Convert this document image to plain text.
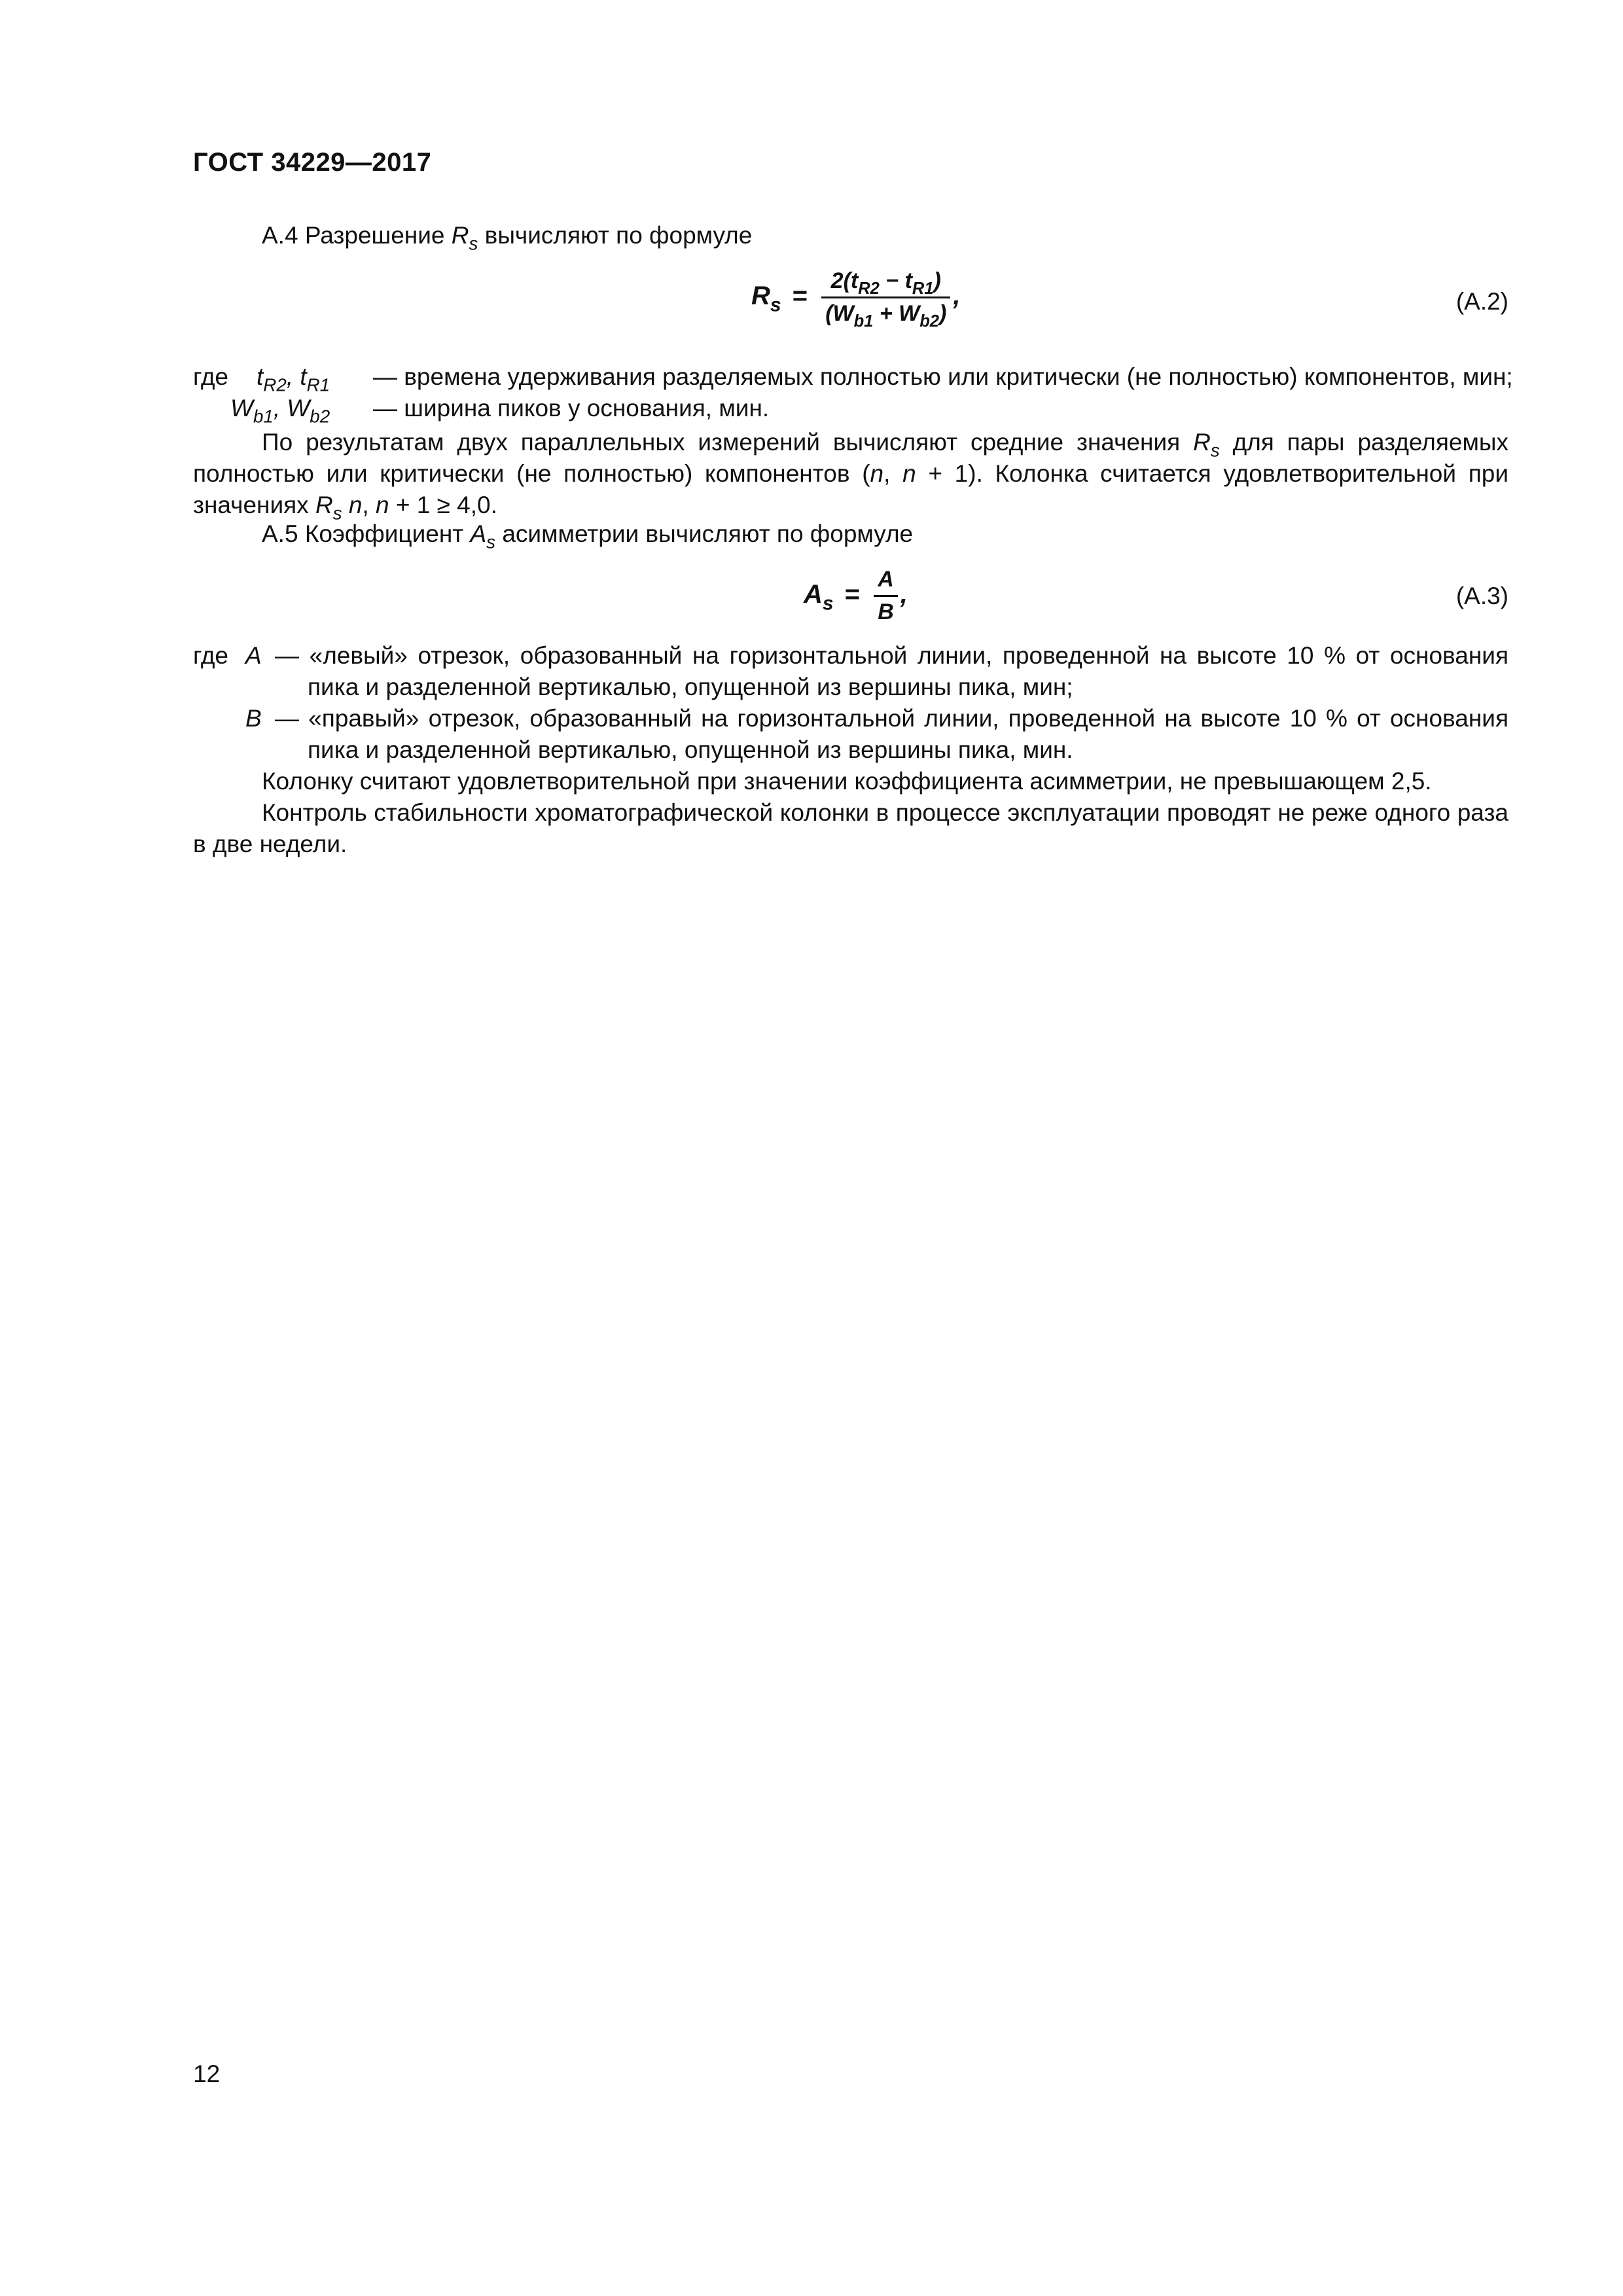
ГОСТ 34229—2017
А.4 Разрешение $R_s$ вычисляют по формуле
$R_s = \frac{2(t_{R2} - t_{R1})}{(W_{b1} + W_{b2})}$ ,	(А.2)
где $t_{R2}$, $t_{R1}$ — времена удерживания разделяемых полностью или критически (не полностью) компонентов, мин;
$W_{b1}$, $W_{b2}$ — ширина пиков у основания, мин.
По результатам двух параллельных измерений вычисляют средние значения $R_s$ для пары разделяемых полностью или критически (не полностью) компонентов (n, n + 1). Колонка считается удовлетворительной при значениях $R_s$ n, n + 1 ≥ 4,0.
А.5 Коэффициент $A_s$ асимметрии вычисляют по формуле
$A_s = \frac{A}{B}$ ,	(А.3)
где A — «левый» отрезок, образованный на горизонтальной линии, проведенной на высоте 10 % от основания пика и разделенной вертикалью, опущенной из вершины пика, мин;
B — «правый» отрезок, образованный на горизонтальной линии, проведенной на высоте 10 % от основания пика и разделенной вертикалью, опущенной из вершины пика, мин.
Колонку считают удовлетворительной при значении коэффициента асимметрии, не превышающем 2,5.
Контроль стабильности хроматографической колонки в процессе эксплуатации проводят не реже одного раза в две недели.
12
